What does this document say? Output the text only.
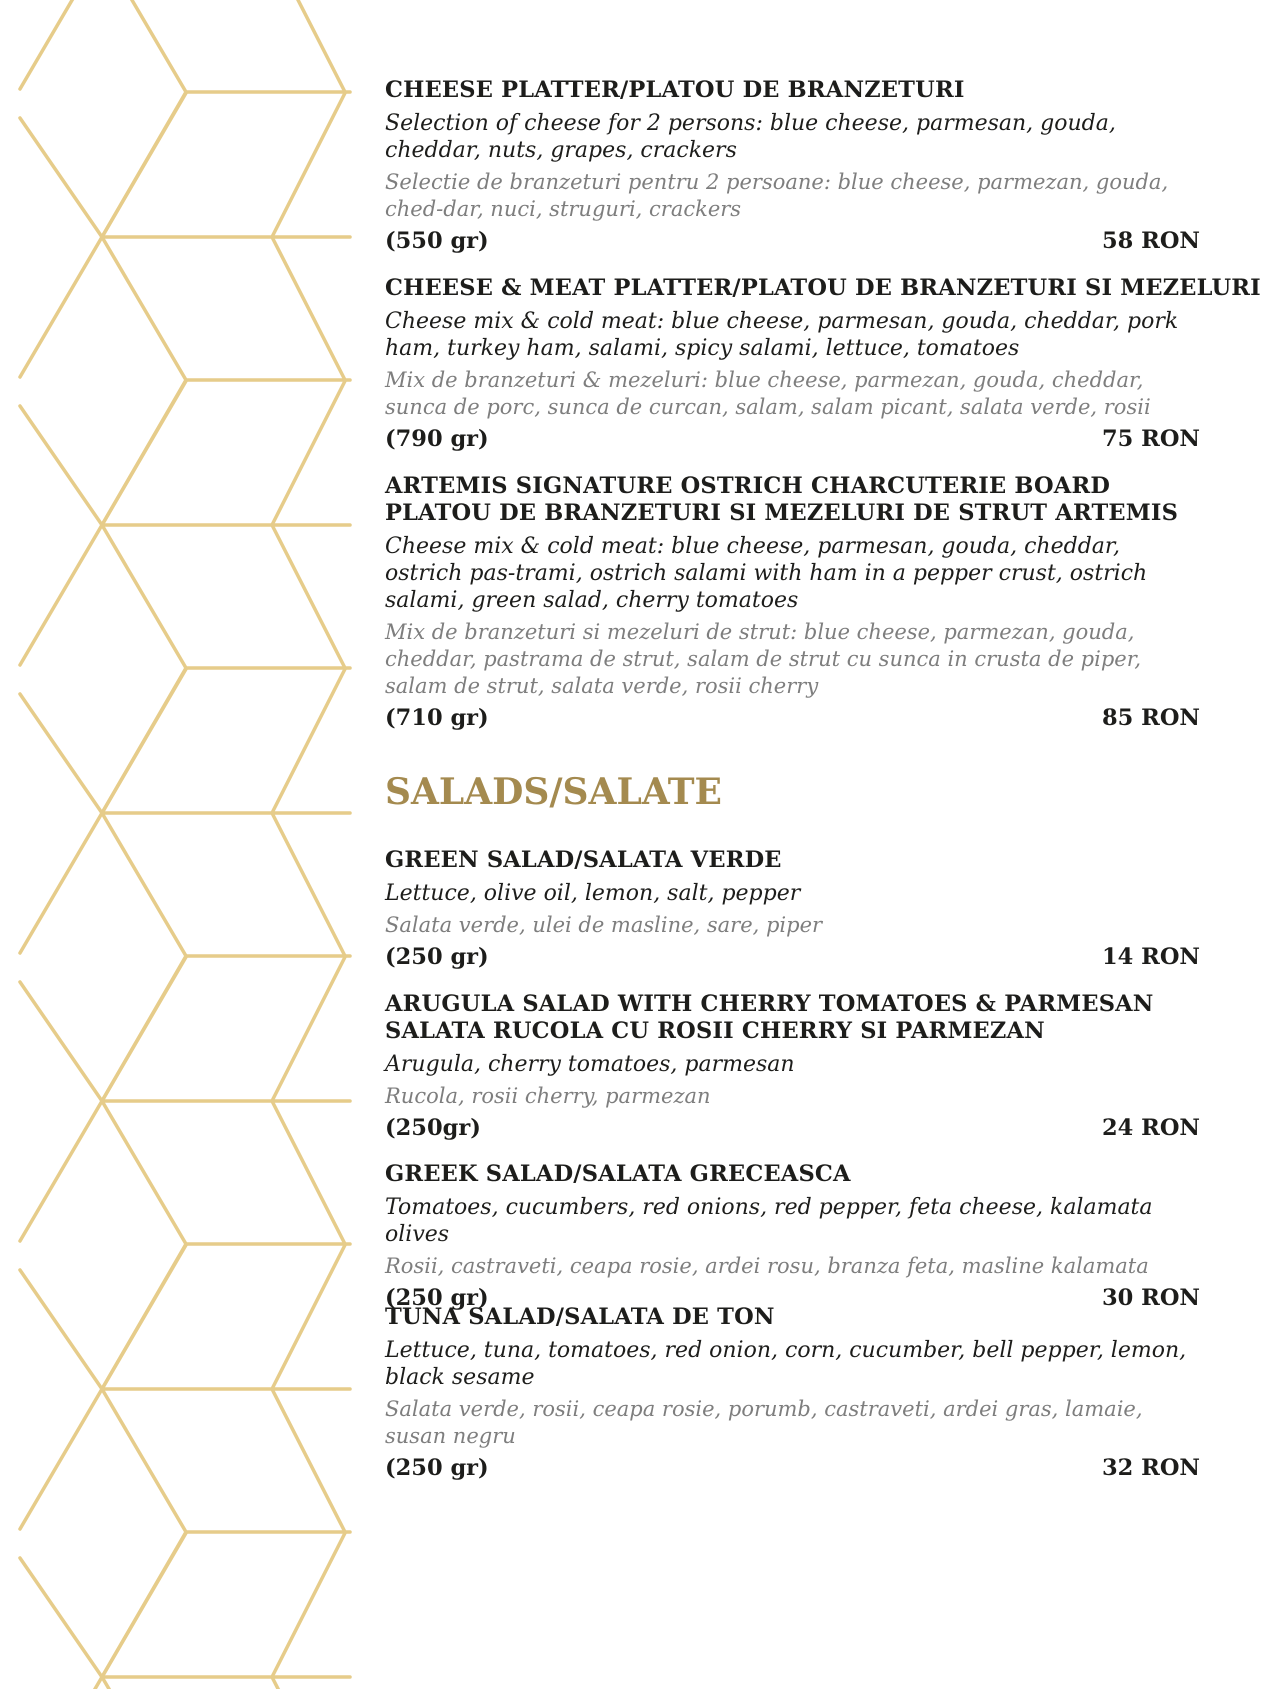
CHEESE PLATTER/PLATOU DE BRANZETURI
Selection of cheese for 2 persons: blue cheese, parmesan, gouda, cheddar, nuts, grapes, crackers
Selectie de branzeturi pentru 2 persoane: blue cheese, parmezan, gouda, ched-dar, nuci, struguri, crackers
(550 gr)	58 RON
CHEESE & MEAT PLATTER/PLATOU DE BRANZETURI SI MEZELURI
Cheese mix & cold meat: blue cheese, parmesan, gouda, cheddar, pork ham, turkey ham, salami, spicy salami, lettuce, tomatoes
Mix de branzeturi & mezeluri: blue cheese, parmezan, gouda, cheddar, sunca de porc, sunca de curcan, salam, salam picant, salata verde, rosii
(790 gr)	75 RON
ARTEMIS SIGNATURE OSTRICH CHARCUTERIE BOARD
PLATOU DE BRANZETURI SI MEZELURI DE STRUT ARTEMIS
Cheese mix & cold meat: blue cheese, parmesan, gouda, cheddar, ostrich pas-trami, ostrich salami with ham in a pepper crust, ostrich salami, green salad, cherry tomatoes
Mix de branzeturi si mezeluri de strut: blue cheese, parmezan, gouda, cheddar, pastrama de strut, salam de strut cu sunca in crusta de piper, salam de strut, salata verde, rosii cherry
(710 gr)	85 RON
SALADS/SALATE
GREEN SALAD/SALATA VERDE
Lettuce, olive oil, lemon, salt, pepper
Salata verde, ulei de masline, sare, piper
(250 gr)	14 RON
ARUGULA SALAD WITH CHERRY TOMATOES & PARMESAN
SALATA RUCOLA CU ROSII CHERRY SI PARMEZAN
Arugula, cherry tomatoes, parmesan
Rucola, rosii cherry, parmezan
(250gr)	24 RON
GREEK SALAD/SALATA GRECEASCA
Tomatoes, cucumbers, red onions, red pepper, feta cheese, kalamata olives
Rosii, castraveti, ceapa rosie, ardei rosu, branza feta, masline kalamata
(250 gr)	30 RON
TUNA SALAD/SALATA DE TON
Lettuce, tuna, tomatoes, red onion, corn, cucumber, bell pepper, lemon, black sesame
Salata verde, rosii, ceapa rosie, porumb, castraveti, ardei gras, lamaie, susan negru
(250 gr)	32 RON
